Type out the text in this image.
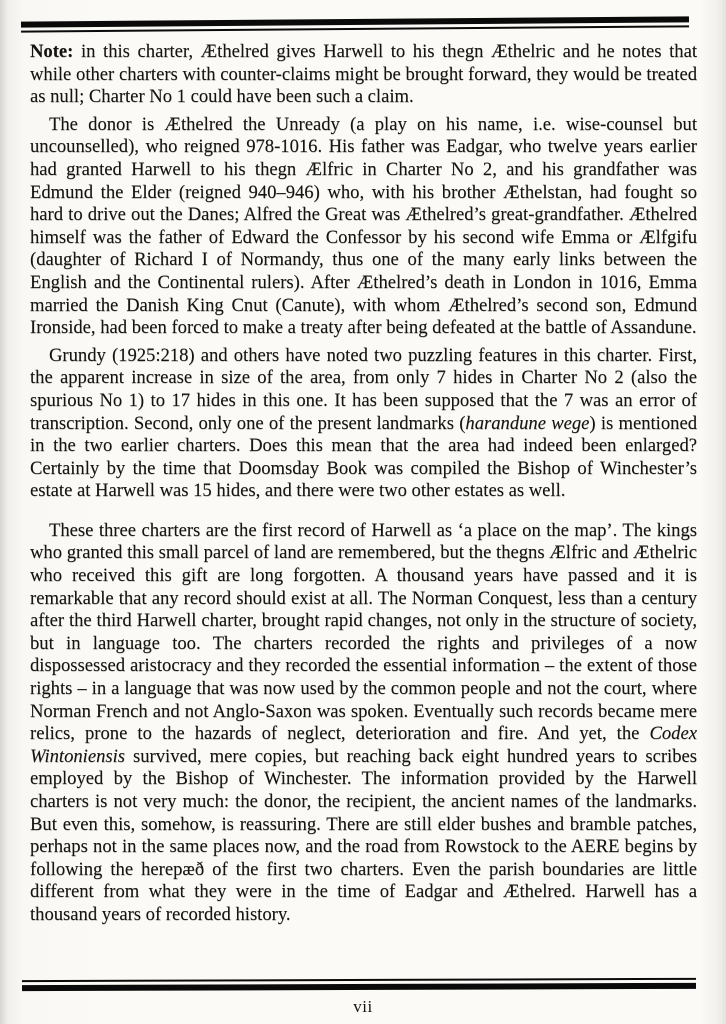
Note: in this charter, Æthelred gives Harwell to his thegn Æthelric and he notes that while other charters with counter-claims might be brought forward, they would be treated as null; Charter No 1 could have been such a claim.

The donor is Æthelred the Unready (a play on his name, i.e. wise-counsel but uncounselled), who reigned 978-1016. His father was Eadgar, who twelve years earlier had granted Harwell to his thegn Ælfric in Charter No 2, and his grandfather was Edmund the Elder (reigned 940–946) who, with his brother Æthelstan, had fought so hard to drive out the Danes; Alfred the Great was Æthelred’s great-grandfather. Æthelred himself was the father of Edward the Confessor by his second wife Emma or Ælfgifu (daughter of Richard I of Normandy, thus one of the many early links between the English and the Continental rulers). After Æthelred’s death in London in 1016, Emma married the Danish King Cnut (Canute), with whom Æthelred’s second son, Edmund Ironside, had been forced to make a treaty after being defeated at the battle of Assandune.

Grundy (1925:218) and others have noted two puzzling features in this charter. First, the apparent increase in size of the area, from only 7 hides in Charter No 2 (also the spurious No 1) to 17 hides in this one. It has been supposed that the 7 was an error of transcription. Second, only one of the present landmarks (harandune wege) is mentioned in the two earlier charters. Does this mean that the area had indeed been enlarged? Certainly by the time that Doomsday Book was compiled the Bishop of Winchester’s estate at Harwell was 15 hides, and there were two other estates as well.

These three charters are the first record of Harwell as ‘a place on the map’. The kings who granted this small parcel of land are remembered, but the thegns Ælfric and Æthelric who received this gift are long forgotten. A thousand years have passed and it is remarkable that any record should exist at all. The Norman Conquest, less than a century after the third Harwell charter, brought rapid changes, not only in the structure of society, but in language too. The charters recorded the rights and privileges of a now dispossessed aristocracy and they recorded the essential information – the extent of those rights – in a language that was now used by the common people and not the court, where Norman French and not Anglo-Saxon was spoken. Eventually such records became mere relics, prone to the hazards of neglect, deterioration and fire. And yet, the Codex Wintoniensis survived, mere copies, but reaching back eight hundred years to scribes employed by the Bishop of Winchester. The information provided by the Harwell charters is not very much: the donor, the recipient, the ancient names of the landmarks. But even this, somehow, is reassuring. There are still elder bushes and bramble patches, perhaps not in the same places now, and the road from Rowstock to the AERE begins by following the herepæð of the first two charters. Even the parish boundaries are little different from what they were in the time of Eadgar and Æthelred. Harwell has a thousand years of recorded history.

vii
